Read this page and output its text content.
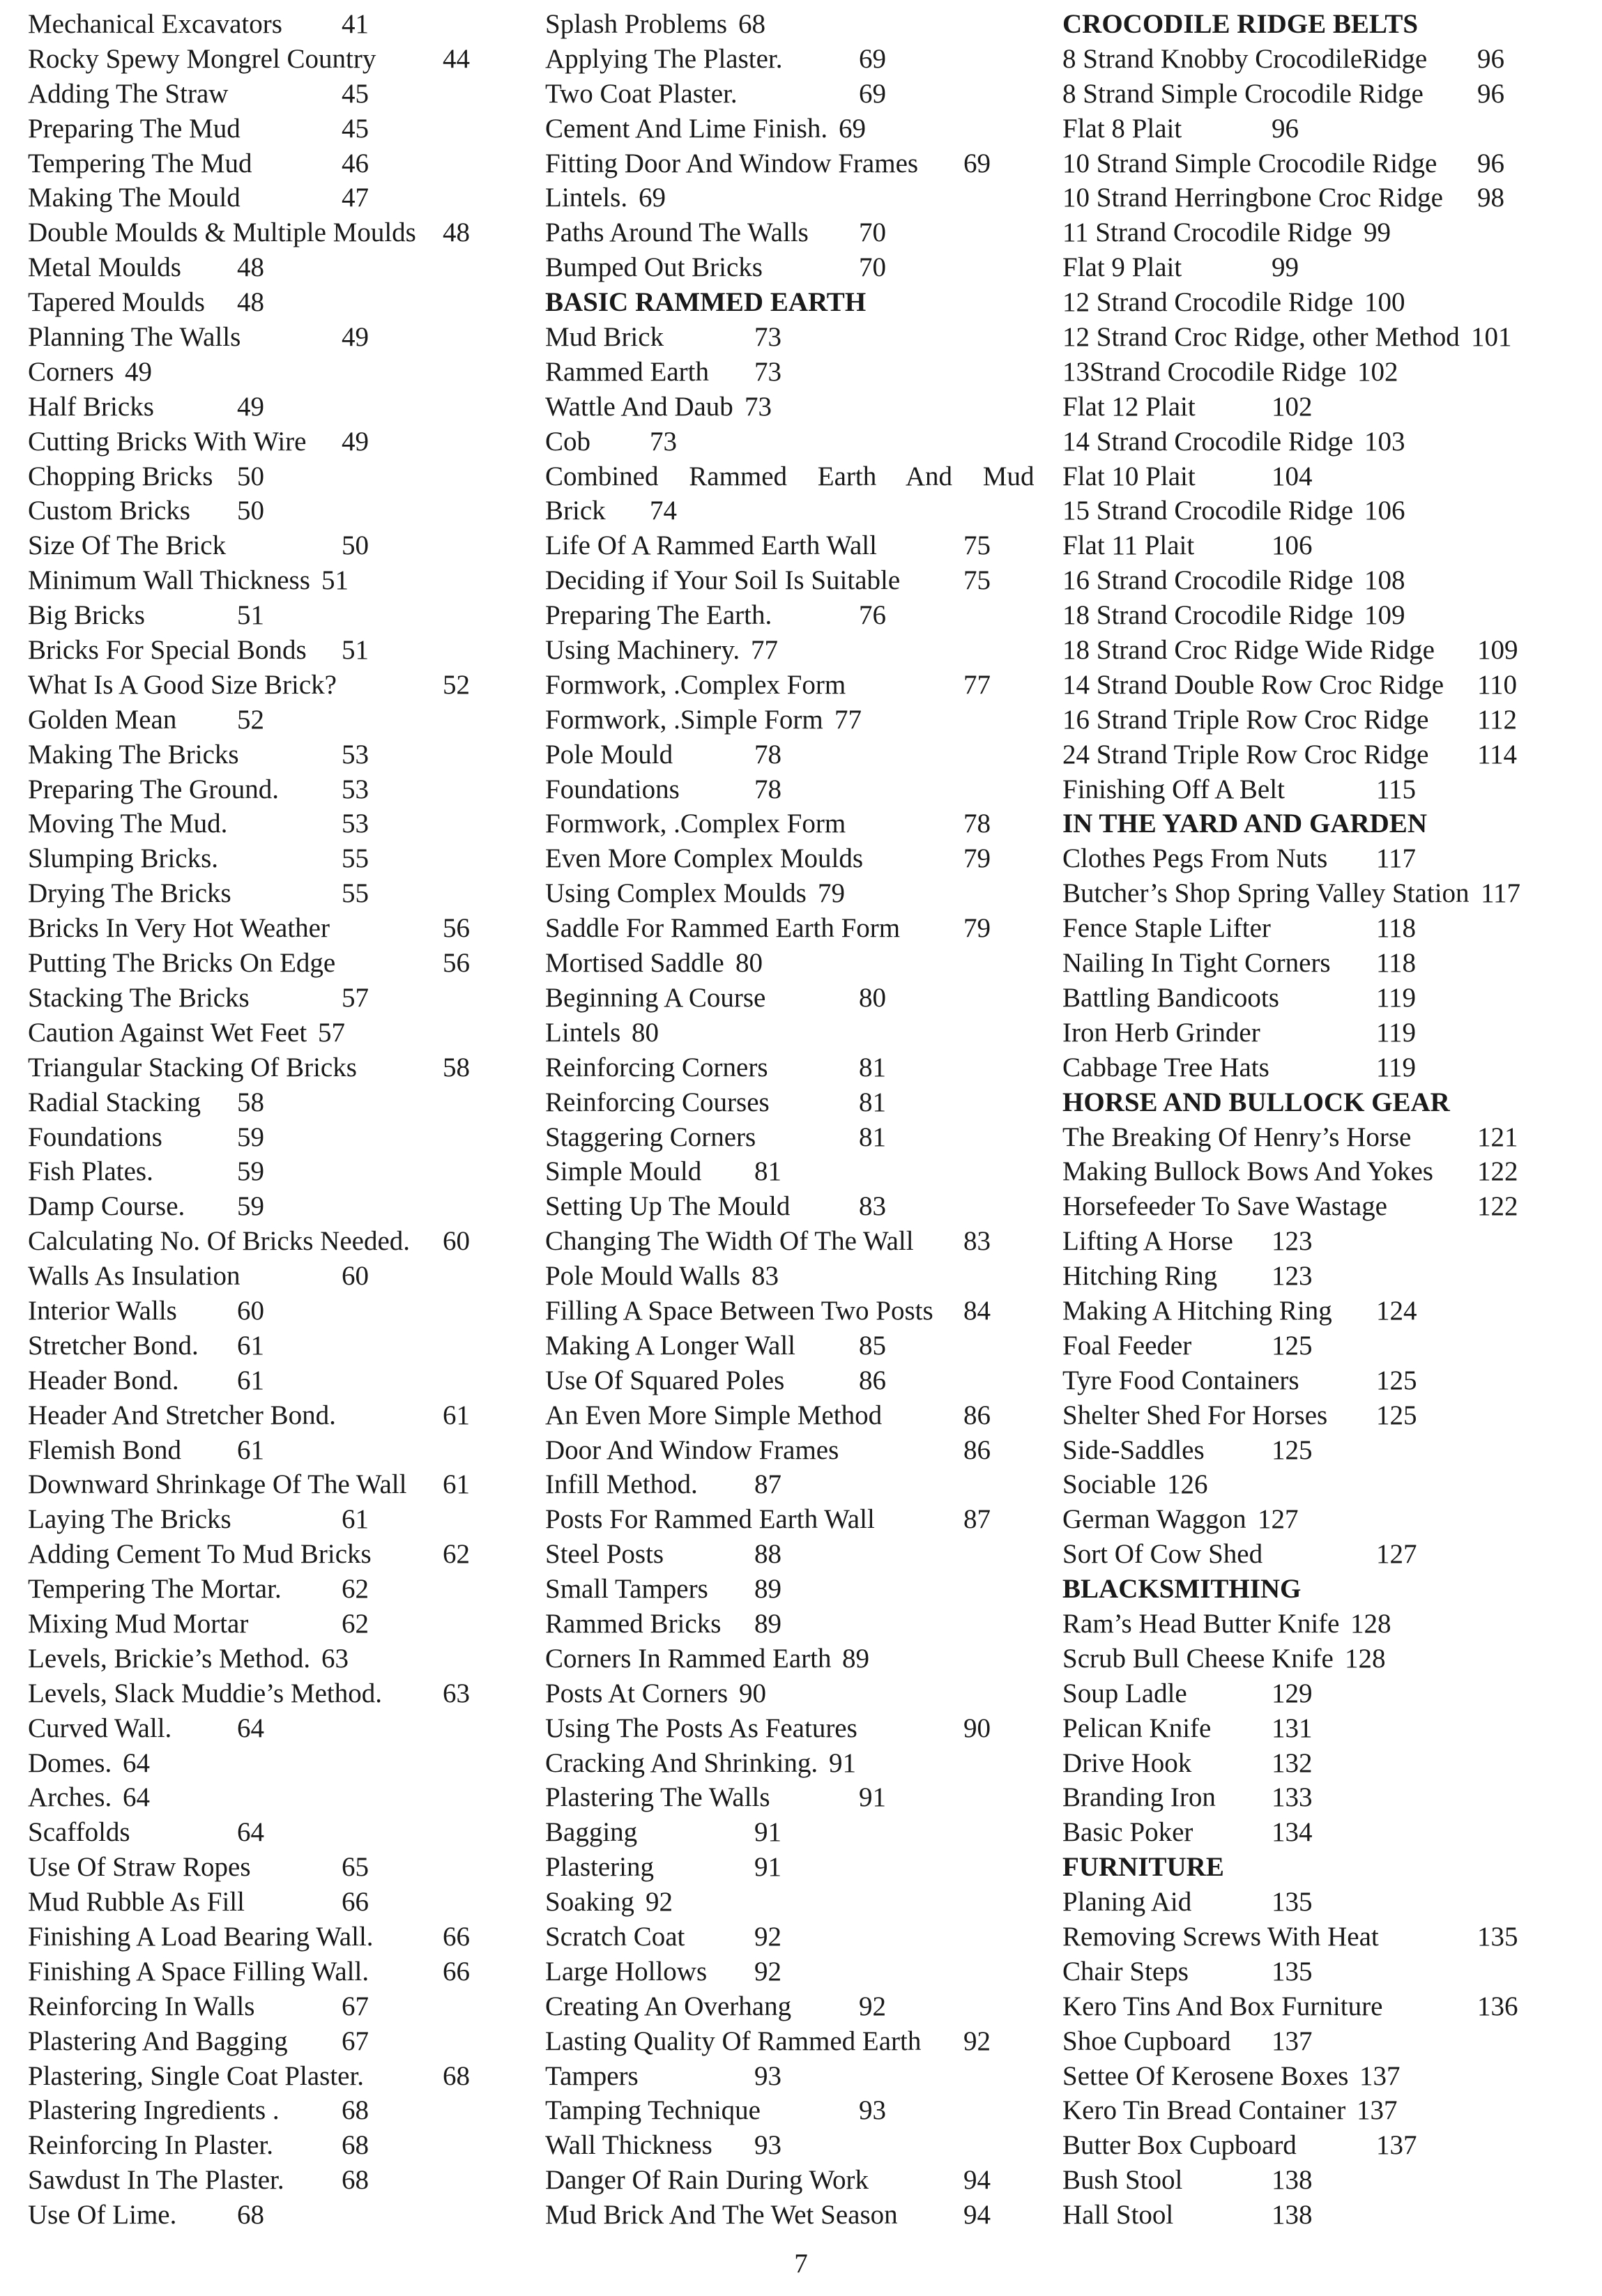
Mechanical Excavators 41
Rocky Spewy Mongrel Country 44
Adding The Straw	45
Preparing The Mud	45
Tempering The Mud	46
Making The Mould	47
Double Moulds & Multiple Moulds 48
Metal Moulds 48
Tapered Moulds 48
Planning The Walls	49
Corners 49
Half Bricks	49
Cutting Bricks With Wire 49
Chopping Bricks 50
Custom Bricks 50
Size Of The Brick	50
Minimum Wall Thickness 51
Big Bricks	51
Bricks For Special Bonds 51
What Is A Good Size Brick?	52
Golden Mean 52
Making The Bricks	53
Preparing The Ground. 53
Moving The Mud.	53
Slumping Bricks.	55
Drying The Bricks	55
Bricks In Very Hot Weather	56
Putting The Bricks On Edge	56
Stacking The Bricks	57
Caution Against Wet Feet 57
Triangular Stacking Of Bricks	58
Radial Stacking 58
Foundations	59
Fish Plates.	59
Damp Course. 59
Calculating No. Of Bricks Needed. 60
Walls As Insulation	60
Interior Walls 60
Stretcher Bond. 61
Header Bond. 61
Header And Stretcher Bond.	61
Flemish Bond 61
Downward Shrinkage Of The Wall 61
Laying The Bricks	61
Adding Cement To Mud Bricks	62
Tempering The Mortar. 62
Mixing Mud Mortar	62
Levels, Brickie’s Method. 63
Levels, Slack Muddie’s Method. 63
Curved Wall. 64
Domes. 64
Arches. 64
Scaffolds	64
Use Of Straw Ropes	65
Mud Rubble As Fill	66
Finishing A Load Bearing Wall.	66
Finishing A Space Filling Wall.	66
Reinforcing In Walls	67
Plastering And Bagging 67
Plastering, Single Coat Plaster.	68
Plastering Ingredients . 68
Reinforcing In Plaster.	68
Sawdust In The Plaster. 68
Use Of Lime. 68
Splash Problems 68
Applying The Plaster.	69
Two Coat Plaster.	69
Cement And Lime Finish. 69
Fitting Door And Window Frames 69
Lintels. 69
Paths Around The Walls 70
Bumped Out Bricks	70
BASIC RAMMED EARTH
Mud Brick	73
Rammed Earth 73
Wattle And Daub 73
Cob 73
Combined Rammed Earth And Mud
Brick 74
Life Of A Rammed Earth Wall	75
Deciding if Your Soil Is Suitable 75
Preparing The Earth.	76
Using Machinery. 77
Formwork, .Complex Form	77
Formwork, .Simple Form 77
Pole Mould	78
Foundations	78
Formwork, .Complex Form	78
Even More Complex Moulds	79
Using Complex Moulds 79
Saddle For Rammed Earth Form 79
Mortised Saddle 80
Beginning A Course	80
Lintels 80
Reinforcing Corners	81
Reinforcing Courses	81
Staggering Corners	81
Simple Mould 81
Setting Up The Mould	83
Changing The Width Of The Wall 83
Pole Mould Walls 83
Filling A Space Between Two Posts 84
Making A Longer Wall 85
Use Of Squared Poles	86
An Even More Simple Method	86
Door And Window Frames	86
Infill Method. 87
Posts For Rammed Earth Wall	87
Steel Posts	88
Small Tampers 89
Rammed Bricks 89
Corners In Rammed Earth 89
Posts At Corners 90
Using The Posts As Features	90
Cracking And Shrinking. 91
Plastering The Walls	91
Bagging	91
Plastering	91
Soaking 92
Scratch Coat	92
Large Hollows 92
Creating An Overhang 92
Lasting Quality Of Rammed Earth 92
Tampers	93
Tamping Technique	93
Wall Thickness 93
Danger Of Rain During Work	94
Mud Brick And The Wet Season 94
CROCODILE RIDGE BELTS
8 Strand Knobby CrocodileRidge 96
8 Strand Simple Crocodile Ridge 96
Flat 8 Plait	96
10 Strand Simple Crocodile Ridge 96
10 Strand Herringbone Croc Ridge 98
11 Strand Crocodile Ridge 99
Flat 9 Plait	99
12 Strand Crocodile Ridge 100
12 Strand Croc Ridge, other Method 101
13Strand Crocodile Ridge 102
Flat 12 Plait	102
14 Strand Crocodile Ridge 103
Flat 10 Plait	104
15 Strand Crocodile Ridge 106
Flat 11 Plait	106
16 Strand Crocodile Ridge 108
18 Strand Crocodile Ridge 109
18 Strand Croc Ridge Wide Ridge 109
14 Strand Double Row Croc Ridge 110
16 Strand Triple Row Croc Ridge 112
24 Strand Triple Row Croc Ridge 114
Finishing Off A Belt	115
IN THE YARD AND GARDEN
Clothes Pegs From Nuts 117
Butcher’s Shop Spring Valley Station 117
Fence Staple Lifter	118
Nailing In Tight Corners 118
Battling Bandicoots	119
Iron Herb Grinder	119
Cabbage Tree Hats	119
HORSE AND BULLOCK GEAR
The Breaking Of Henry’s Horse 121
Making Bullock Bows And Yokes 122
Horsefeeder To Save Wastage	122
Lifting A Horse 123
Hitching Ring 123
Making A Hitching Ring 124
Foal Feeder	125
Tyre Food Containers	125
Shelter Shed For Horses 125
Side-Saddles 125
Sociable 126
German Waggon 127
Sort Of Cow Shed	127
BLACKSMITHING
Ram’s Head Butter Knife 128
Scrub Bull Cheese Knife 128
Soup Ladle	129
Pelican Knife 131
Drive Hook	132
Branding Iron 133
Basic Poker	134
FURNITURE
Planing Aid	135
Removing Screws With Heat	135
Chair Steps	135
Kero Tins And Box Furniture	136
Shoe Cupboard 137
Settee Of Kerosene Boxes 137
Kero Tin Bread Container 137
Butter Box Cupboard	137
Bush Stool	138
Hall Stool	138
7
